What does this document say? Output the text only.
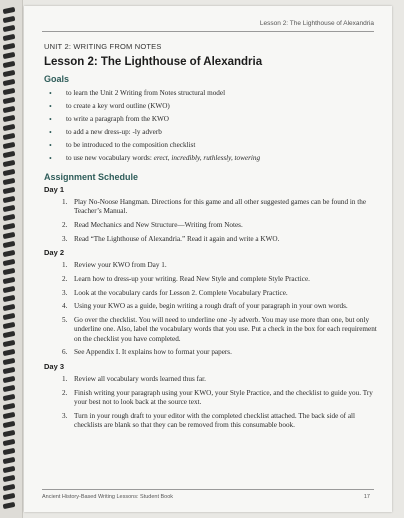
Lesson 2: The Lighthouse of Alexandria
UNIT 2: WRITING FROM NOTES
Lesson 2: The Lighthouse of Alexandria
Goals
• to learn the Unit 2 Writing from Notes structural model
• to create a key word outline (KWO)
• to write a paragraph from the KWO
• to add a new dress-up: -ly adverb
• to be introduced to the composition checklist
• to use new vocabulary words: erect, incredibly, ruthlessly, towering
Assignment Schedule
Day 1
1. Play No-Noose Hangman. Directions for this game and all other suggested games can be found in the Teacher’s Manual.
2. Read Mechanics and New Structure—Writing from Notes.
3. Read “The Lighthouse of Alexandria.” Read it again and write a KWO.
Day 2
1. Review your KWO from Day 1.
2. Learn how to dress-up your writing. Read New Style and complete Style Practice.
3. Look at the vocabulary cards for Lesson 2. Complete Vocabulary Practice.
4. Using your KWO as a guide, begin writing a rough draft of your paragraph in your own words.
5. Go over the checklist. You will need to underline one -ly adverb. You may use more than one, but only underline one. Also, label the vocabulary words that you use. Put a check in the box for each requirement on the checklist you have completed.
6. See Appendix I. It explains how to format your papers.
Day 3
1. Review all vocabulary words learned thus far.
2. Finish writing your paragraph using your KWO, your Style Practice, and the checklist to guide you. Try your best not to look back at the source text.
3. Turn in your rough draft to your editor with the completed checklist attached. The back side of all checklists are blank so that they can be removed from this consumable book.
Ancient History-Based Writing Lessons: Student Book	17
